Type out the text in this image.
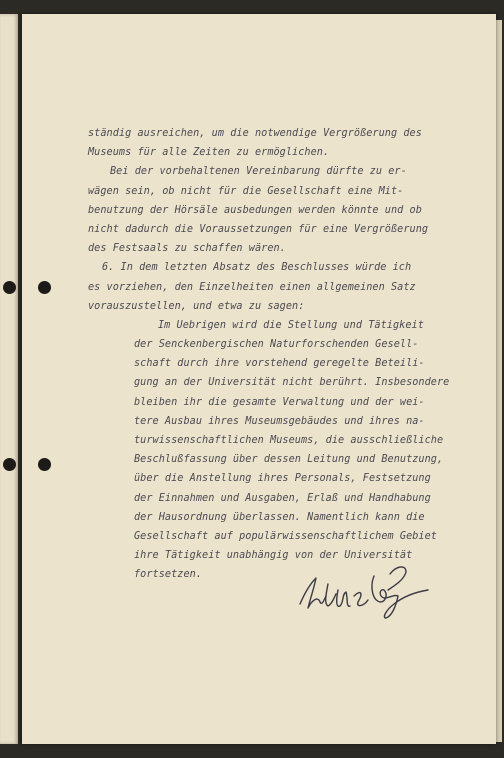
ständig ausreichen, um die notwendige Vergrößerung des
Museums für alle Zeiten zu ermöglichen.
Bei der vorbehaltenen Vereinbarung dürfte zu er-
wägen sein, ob nicht für die Gesellschaft eine Mit-
benutzung der Hörsäle ausbedungen werden könnte und ob
nicht dadurch die Voraussetzungen für eine Vergrößerung
des Festsaals zu schaffen wären.
6. In dem letzten Absatz des Beschlusses würde ich
es vorziehen, den Einzelheiten einen allgemeinen Satz
vorauszustellen, und etwa zu sagen:
Im Uebrigen wird die Stellung und Tätigkeit
der Senckenbergischen Naturforschenden Gesell-
schaft durch ihre vorstehend geregelte Beteili-
gung an der Universität nicht berührt. Insbesondere
bleiben ihr die gesamte Verwaltung und der wei-
tere Ausbau ihres Museumsgebäudes und ihres na-
turwissenschaftlichen Museums, die ausschließliche
Beschlußfassung über dessen Leitung und Benutzung,
über die Anstellung ihres Personals, Festsetzung
der Einnahmen und Ausgaben, Erlaß und Handhabung
der Hausordnung überlassen. Namentlich kann die
Gesellschaft auf populärwissenschaftlichem Gebiet
ihre Tätigkeit unabhängig von der Universität
fortsetzen.
